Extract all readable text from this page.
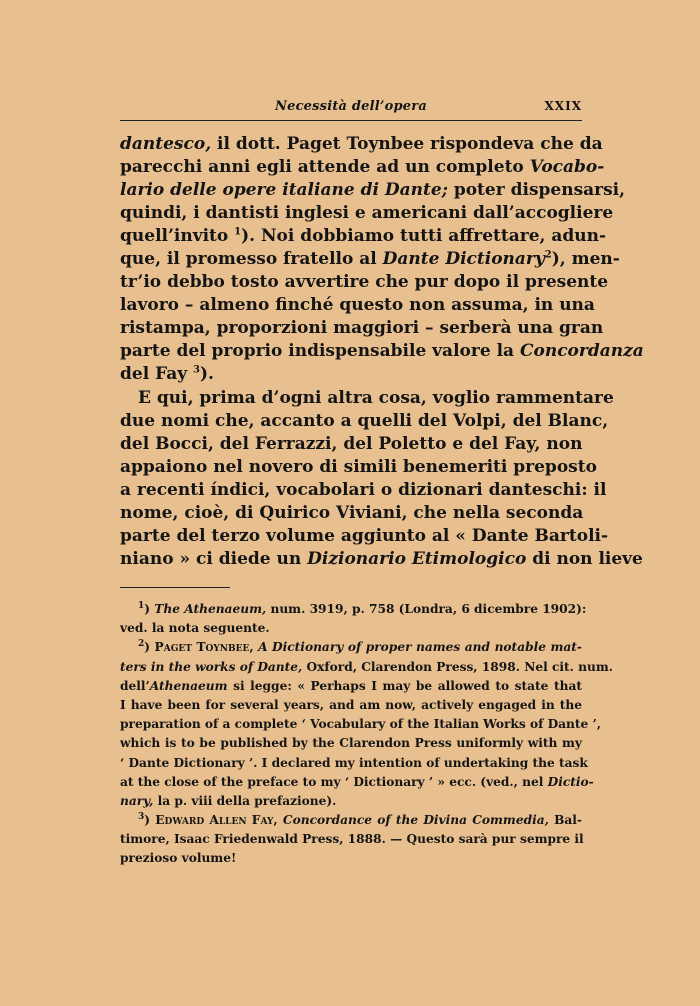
Necessità dell’opera	XXIX
dantesco, il dott. Paget Toynbee rispondeva che da
parecchi anni egli attende ad un completo Vocabo-
lario delle opere italiane di Dante; poter dispensarsi,
quindi, i dantisti inglesi e americani dall’accogliere
quell’invito $^1$). Noi dobbiamo tutti affrettare, adun-
que, il promesso fratello al Dante Dictionary$^2$), men-
tr’io debbo tosto avvertire che pur dopo il presente
lavoro – almeno finché questo non assuma, in una
ristampa, proporzioni maggiori – serberà una gran
parte del proprio indispensabile valore la Concordanza
del Fay $^3$).
E qui, prima d’ogni altra cosa, voglio rammentare
due nomi che, accanto a quelli del Volpi, del Blanc,
del Bocci, del Ferrazzi, del Poletto e del Fay, non
appaiono nel novero di simili benemeriti preposto
a recenti índici, vocabolari o dizionari danteschi: il
nome, cioè, di Quirico Viviani, che nella seconda
parte del terzo volume aggiunto al « Dante Bartoli-
niano » ci diede un Dizionario Etimologico di non lieve
$^1$) The Athenaeum, num. 3919, p. 758 (Londra, 6 dicembre 1902):
ved. la nota seguente.
$^2$) Paget Toynbee, A Dictionary of proper names and notable mat-
ters in the works of Dante, Oxford, Clarendon Press, 1898. Nel cit. num.
dell’Athenaeum si legge: « Perhaps I may be allowed to state that
I have been for several years, and am now, actively engaged in the
preparation of a complete ‘ Vocabulary of the Italian Works of Dante ’,
which is to be published by the Clarendon Press uniformly with my
‘ Dante Dictionary ’. I declared my intention of undertaking the task
at the close of the preface to my ‘ Dictionary ’ » ecc. (ved., nel Dictio-
nary, la p. viii della prefazione).
$^3$) Edward Allen Fay, Concordance of the Divina Commedia, Bal-
timore, Isaac Friedenwald Press, 1888. — Questo sarà pur sempre il
prezioso volume!
